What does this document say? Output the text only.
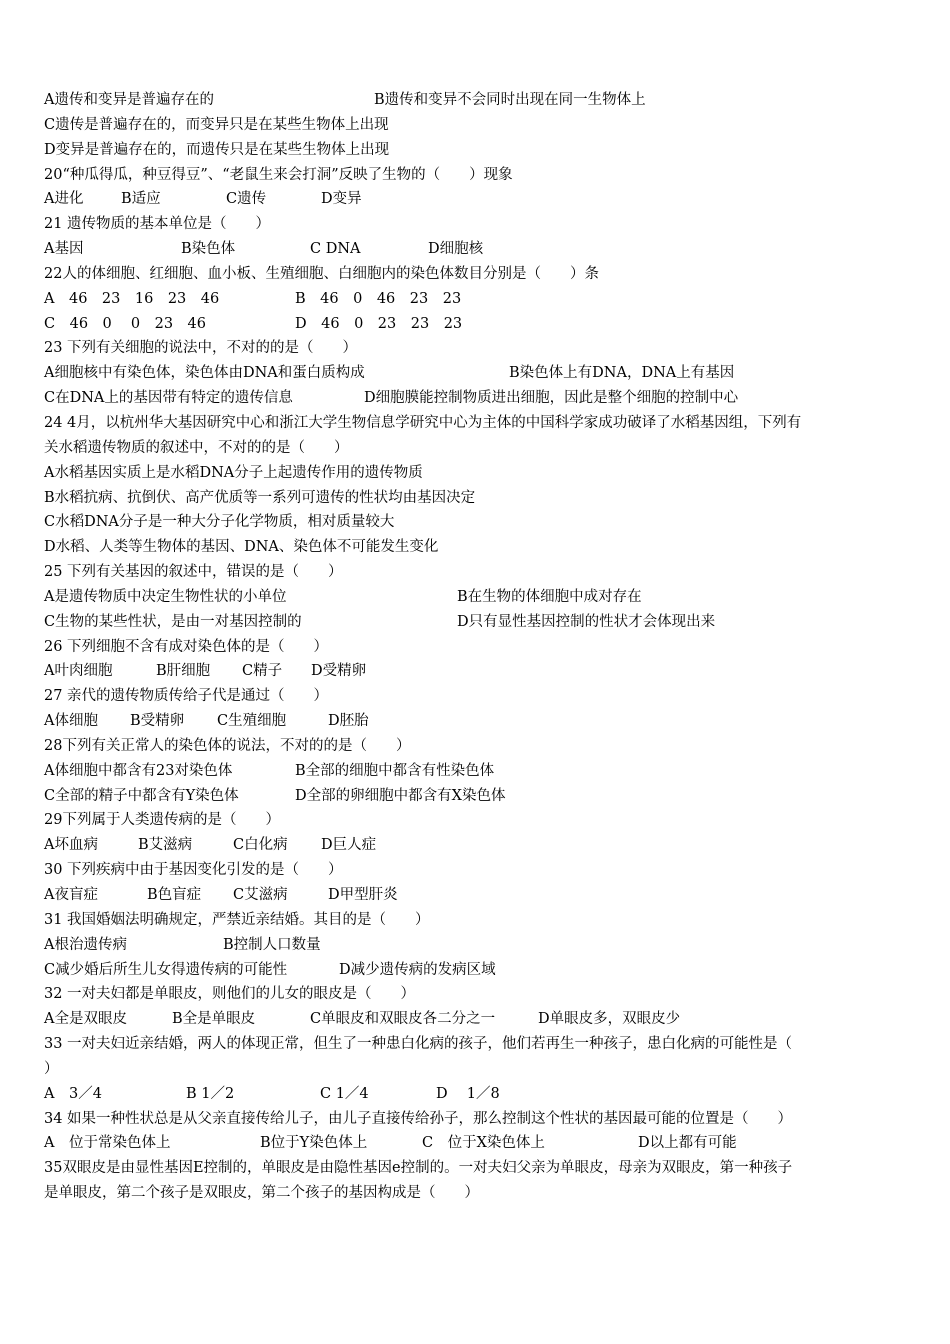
A遗传和变异是普遍存在的

	B遗传和变异不会同时出现在同一生物体上

C遗传是普遍存在的，而变异只是在某些生物体上出现

D变异是普遍存在的，而遗传只是在某些生物体上出现

20“种瓜得瓜，种豆得豆”、“老鼠生来会打洞”反映了生物的（　　）现象

A进化

	B适应

	C遗传

	D变异

21 遗传物质的基本单位是（　　）

A基因

	B染色体

	C DNA

	D细胞核

22人的体细胞、红细胞、血小板、生殖细胞、白细胞内的染色体数目分别是（　　）条

A　46　23　16　23　46

	B　46　0　46　23　23

C　46　0　 0　23　46

	D　46　0　23　23　23

23 下列有关细胞的说法中，不对的的是（　　）

A细胞核中有染色体，染色体由DNA和蛋白质构成

	B染色体上有DNA，DNA上有基因

C在DNA上的基因带有特定的遗传信息

	D细胞膜能控制物质进出细胞，因此是整个细胞的控制中心

24 4月，以杭州华大基因研究中心和浙江大学生物信息学研究中心为主体的中国科学家成功破译了水稻基因组，下列有

关水稻遗传物质的叙述中，不对的的是（　　）

A水稻基因实质上是水稻DNA分子上起遗传作用的遗传物质

B水稻抗病、抗倒伏、高产优质等一系列可遗传的性状均由基因决定

C水稻DNA分子是一种大分子化学物质，相对质量较大

D水稻、人类等生物体的基因、DNA、染色体不可能发生变化

25 下列有关基因的叙述中，错误的是（　　）

A是遗传物质中决定生物性状的小单位

	B在生物的体细胞中成对存在

C生物的某些性状，是由一对基因控制的

	D只有显性基因控制的性状才会体现出来

26 下列细胞不含有成对染色体的是（　　）

A叶肉细胞

	B肝细胞

C精子

D受精卵

27 亲代的遗传物质传给子代是通过（　　）

A体细胞

B受精卵

C生殖细胞

	D胚胎

28下列有关正常人的染色体的说法，不对的的是（　　）

A体细胞中都含有23对染色体

	B全部的细胞中都含有性染色体

C全部的精子中都含有Y染色体

	D全部的卵细胞中都含有X染色体

29下列属于人类遗传病的是（　　）

A坏血病

	B艾滋病

	C白化病

D巨人症

30 下列疾病中由于基因变化引发的是（　　）

A夜盲症

	B色盲症

C艾滋病

	D甲型肝炎

31 我国婚姻法明确规定，严禁近亲结婚。其目的是（　　）

A根治遗传病

	B控制人口数量

C减少婚后所生儿女得遗传病的可能性

	D减少遗传病的发病区域

32 一对夫妇都是单眼皮，则他们的儿女的眼皮是（　　）

A全是双眼皮

	B全是单眼皮

	C单眼皮和双眼皮各二分之一

	D单眼皮多，双眼皮少

33 一对夫妇近亲结婚，两人的体现正常，但生了一种患白化病的孩子，他们若再生一种孩子，患白化病的可能性是（

）

A　3／4

	B 1／2

	C 1／4

	D　 1／8

34 如果一种性状总是从父亲直接传给儿子，由儿子直接传给孙子，那么控制这个性状的基因最可能的位置是（　　）

A　位于常染色体上

	B位于Y染色体上

	C　位于X染色体上

	D以上都有可能

35双眼皮是由显性基因E控制的，单眼皮是由隐性基因e控制的。一对夫妇父亲为单眼皮，母亲为双眼皮，第一种孩子

是单眼皮，第二个孩子是双眼皮，第二个孩子的基因构成是（　　）
